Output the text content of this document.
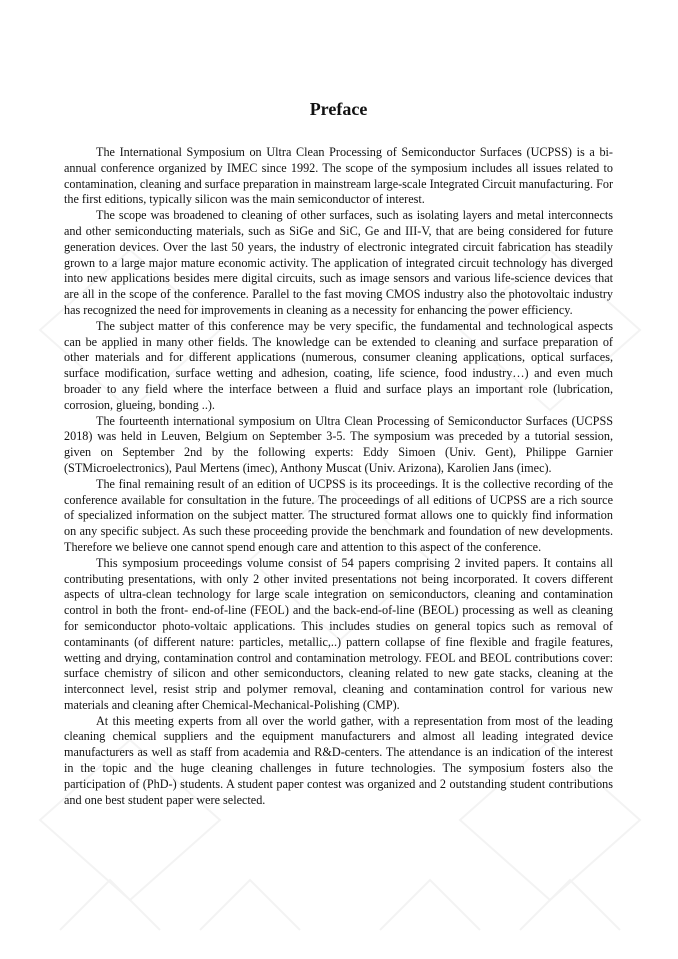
Preface

The International Symposium on Ultra Clean Processing of Semiconductor Surfaces (UCPSS) is a bi-annual conference organized by IMEC since 1992. The scope of the symposium includes all issues related to contamination, cleaning and surface preparation in mainstream large-scale Integrated Circuit manufacturing. For the first editions, typically silicon was the main semiconductor of interest.

The scope was broadened to cleaning of other surfaces, such as isolating layers and metal interconnects and other semiconducting materials, such as SiGe and SiC, Ge and III-V, that are being considered for future generation devices. Over the last 50 years, the industry of electronic integrated circuit fabrication has steadily grown to a large major mature economic activity. The application of integrated circuit technology has diverged into new applications besides mere digital circuits, such as image sensors and various life-science devices that are all in the scope of the conference. Parallel to the fast moving CMOS industry also the photovoltaic industry has recognized the need for improvements in cleaning as a necessity for enhancing the power efficiency.

The subject matter of this conference may be very specific, the fundamental and technological aspects can be applied in many other fields. The knowledge can be extended to cleaning and surface preparation of other materials and for different applications (numerous, consumer cleaning applications, optical surfaces, surface modification, surface wetting and adhesion, coating, life science, food industry…) and even much broader to any field where the interface between a fluid and surface plays an important role (lubrication, corrosion, glueing, bonding ..).

The fourteenth international symposium on Ultra Clean Processing of Semiconductor Surfaces (UCPSS 2018) was held in Leuven, Belgium on September 3-5. The symposium was preceded by a tutorial session, given on September 2nd by the following experts: Eddy Simoen (Univ. Gent), Philippe Garnier (STMicroelectronics), Paul Mertens (imec), Anthony Muscat (Univ. Arizona), Karolien Jans (imec).

The final remaining result of an edition of UCPSS is its proceedings. It is the collective recording of the conference available for consultation in the future. The proceedings of all editions of UCPSS are a rich source of specialized information on the subject matter. The structured format allows one to quickly find information on any specific subject. As such these proceeding provide the benchmark and foundation of new developments. Therefore we believe one cannot spend enough care and attention to this aspect of the conference.

This symposium proceedings volume consist of 54 papers comprising 2 invited papers. It contains all contributing presentations, with only 2 other invited presentations not being incorporated. It covers different aspects of ultra-clean technology for large scale integration on semiconductors, cleaning and contamination control in both the front- end-of-line (FEOL) and the back-end-of-line (BEOL) processing as well as cleaning for semiconductor photo-voltaic applications. This includes studies on general topics such as removal of contaminants (of different nature: particles, metallic,..) pattern collapse of fine flexible and fragile features, wetting and drying, contamination control and contamination metrology. FEOL and BEOL contributions cover: surface chemistry of silicon and other semiconductors, cleaning related to new gate stacks, cleaning at the interconnect level, resist strip and polymer removal, cleaning and contamination control for various new materials and cleaning after Chemical-Mechanical-Polishing (CMP).

At this meeting experts from all over the world gather, with a representation from most of the leading cleaning chemical suppliers and the equipment manufacturers and almost all leading integrated device manufacturers as well as staff from academia and R&D-centers. The attendance is an indication of the interest in the topic and the huge cleaning challenges in future technologies. The symposium fosters also the participation of (PhD-) students. A student paper contest was organized and 2 outstanding student contributions and one best student paper were selected.
